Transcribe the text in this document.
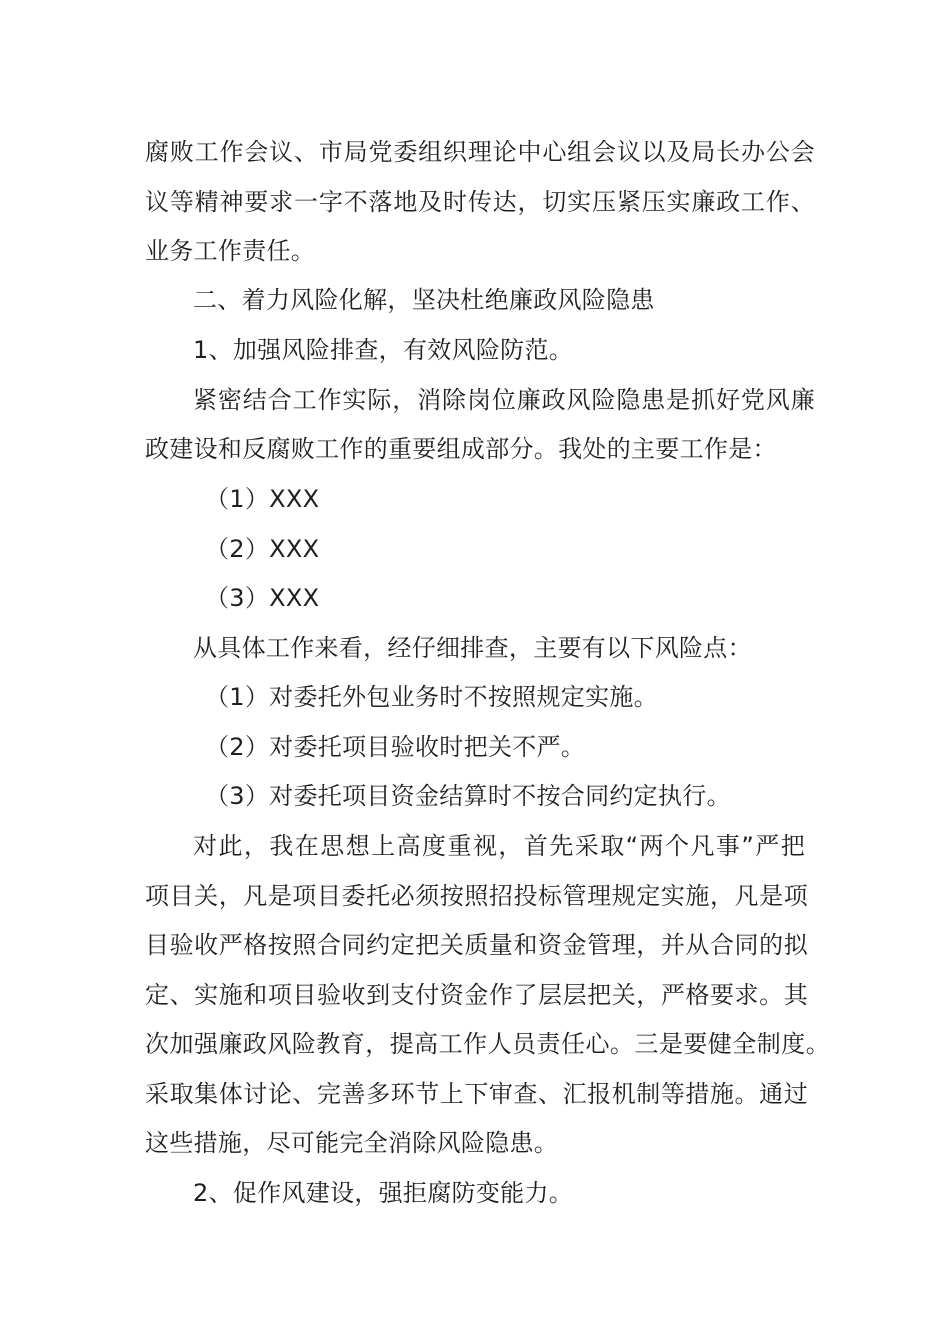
腐败工作会议、市局党委组织理论中心组会议以及局长办公会
议等精神要求一字不落地及时传达，切实压紧压实廉政工作、
业务工作责任。
二、着力风险化解，坚决杜绝廉政风险隐患
1、加强风险排查，有效风险防范。
紧密结合工作实际，消除岗位廉政风险隐患是抓好党风廉
政建设和反腐败工作的重要组成部分。我处的主要工作是：
（1）XXX
（2）XXX
（3）XXX
从具体工作来看，经仔细排查，主要有以下风险点：
（1）对委托外包业务时不按照规定实施。
（2）对委托项目验收时把关不严。
（3）对委托项目资金结算时不按合同约定执行。
对此，我在思想上高度重视，首先采取“两个凡事”严把
项目关，凡是项目委托必须按照招投标管理规定实施，凡是项
目验收严格按照合同约定把关质量和资金管理，并从合同的拟
定、实施和项目验收到支付资金作了层层把关，严格要求。其
次加强廉政风险教育，提高工作人员责任心。三是要健全制度。
采取集体讨论、完善多环节上下审查、汇报机制等措施。通过
这些措施，尽可能完全消除风险隐患。
2、促作风建设，强拒腐防变能力。
